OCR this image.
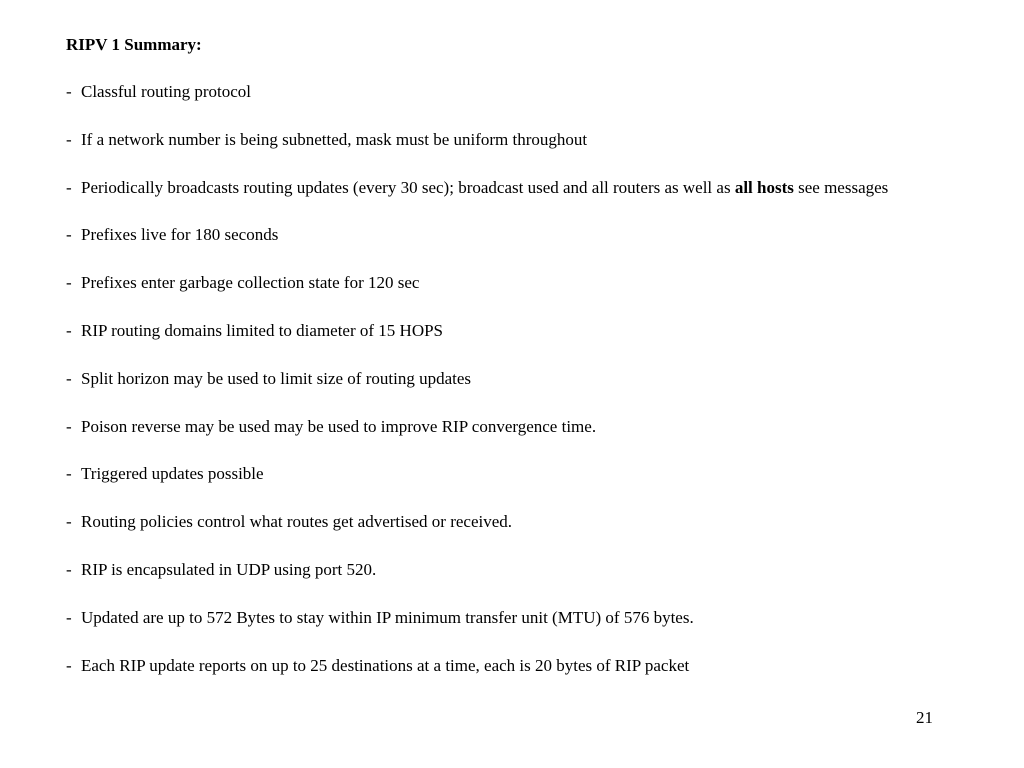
RIPV 1 Summary:
- Classful routing protocol
- If a network number is being subnetted, mask must be uniform throughout
- Periodically broadcasts routing updates (every 30 sec); broadcast used and all routers as well as all hosts see messages
- Prefixes live for 180 seconds
- Prefixes enter garbage collection state for 120 sec
- RIP routing domains limited to diameter of 15 HOPS
- Split horizon may be used to limit size of routing updates
- Poison reverse may be used may be used to improve RIP convergence time.
- Triggered updates possible
- Routing policies control what routes get advertised or received.
- RIP is encapsulated in UDP using port 520.
- Updated are up to 572 Bytes to stay within IP minimum transfer unit (MTU) of 576 bytes.
- Each RIP update reports on up to 25 destinations at a time, each is 20 bytes of RIP packet
21
